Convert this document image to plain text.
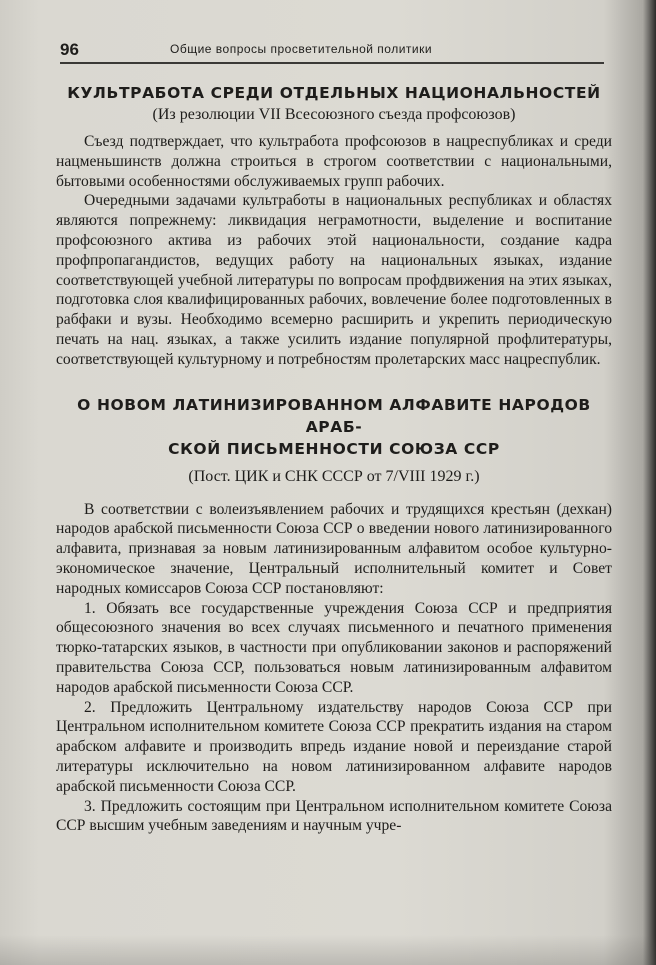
96	Общие вопросы просветительной политики
КУЛЬТРАБОТА СРЕДИ ОТДЕЛЬНЫХ НАЦИОНАЛЬНОСТЕЙ
(Из резолюции VII Всесоюзного съезда профсоюзов)

Съезд подтверждает, что культработа профсоюзов в нацреспубликах и среди нацменьшинств должна строиться в строгом соответствии с национальными, бытовыми особенностями обслуживаемых групп рабочих.

Очередными задачами культработы в национальных республиках и областях являются попрежнему: ликвидация неграмотности, выделение и воспитание профсоюзного актива из рабочих этой национальности, создание кадра профпропагандистов, ведущих работу на национальных языках, издание соответствующей учебной литературы по вопросам профдвижения на этих языках, подготовка слоя квалифицированных рабочих, вовлечение более подготовленных в рабфаки и вузы. Необходимо всемерно расширить и укрепить периодическую печать на нац. языках, а также усилить издание популярной профлитературы, соответствующей культурному и потребностям пролетарских масс нацреспублик.

О НОВОМ ЛАТИНИЗИРОВАННОМ АЛФАВИТЕ НАРОДОВ АРАБ-
СКОЙ ПИСЬМЕННОСТИ СОЮЗА ССР
(Пост. ЦИК и СНК СССР от 7/VIII 1929 г.)

В соответствии с волеизъявлением рабочих и трудящихся крестьян (дехкан) народов арабской письменности Союза ССР о введении нового латинизированного алфавита, признавая за новым латинизированным алфавитом особое культурно-экономическое значение, Центральный исполнительный комитет и Совет народных комиссаров Союза ССР постановляют:

1. Обязать все государственные учреждения Союза ССР и предприятия общесоюзного значения во всех случаях письменного и печатного применения тюрко-татарских языков, в частности при опубликовании законов и распоряжений правительства Союза ССР, пользоваться новым латинизированным алфавитом народов арабской письменности Союза ССР.

2. Предложить Центральному издательству народов Союза ССР при Центральном исполнительном комитете Союза ССР прекратить издания на старом арабском алфавите и производить впредь издание новой и переиздание старой литературы исключительно на новом латинизированном алфавите народов арабской письменности Союза ССР.

3. Предложить состоящим при Центральном исполнительном комитете Союза ССР высшим учебным заведениям и научным учре-
